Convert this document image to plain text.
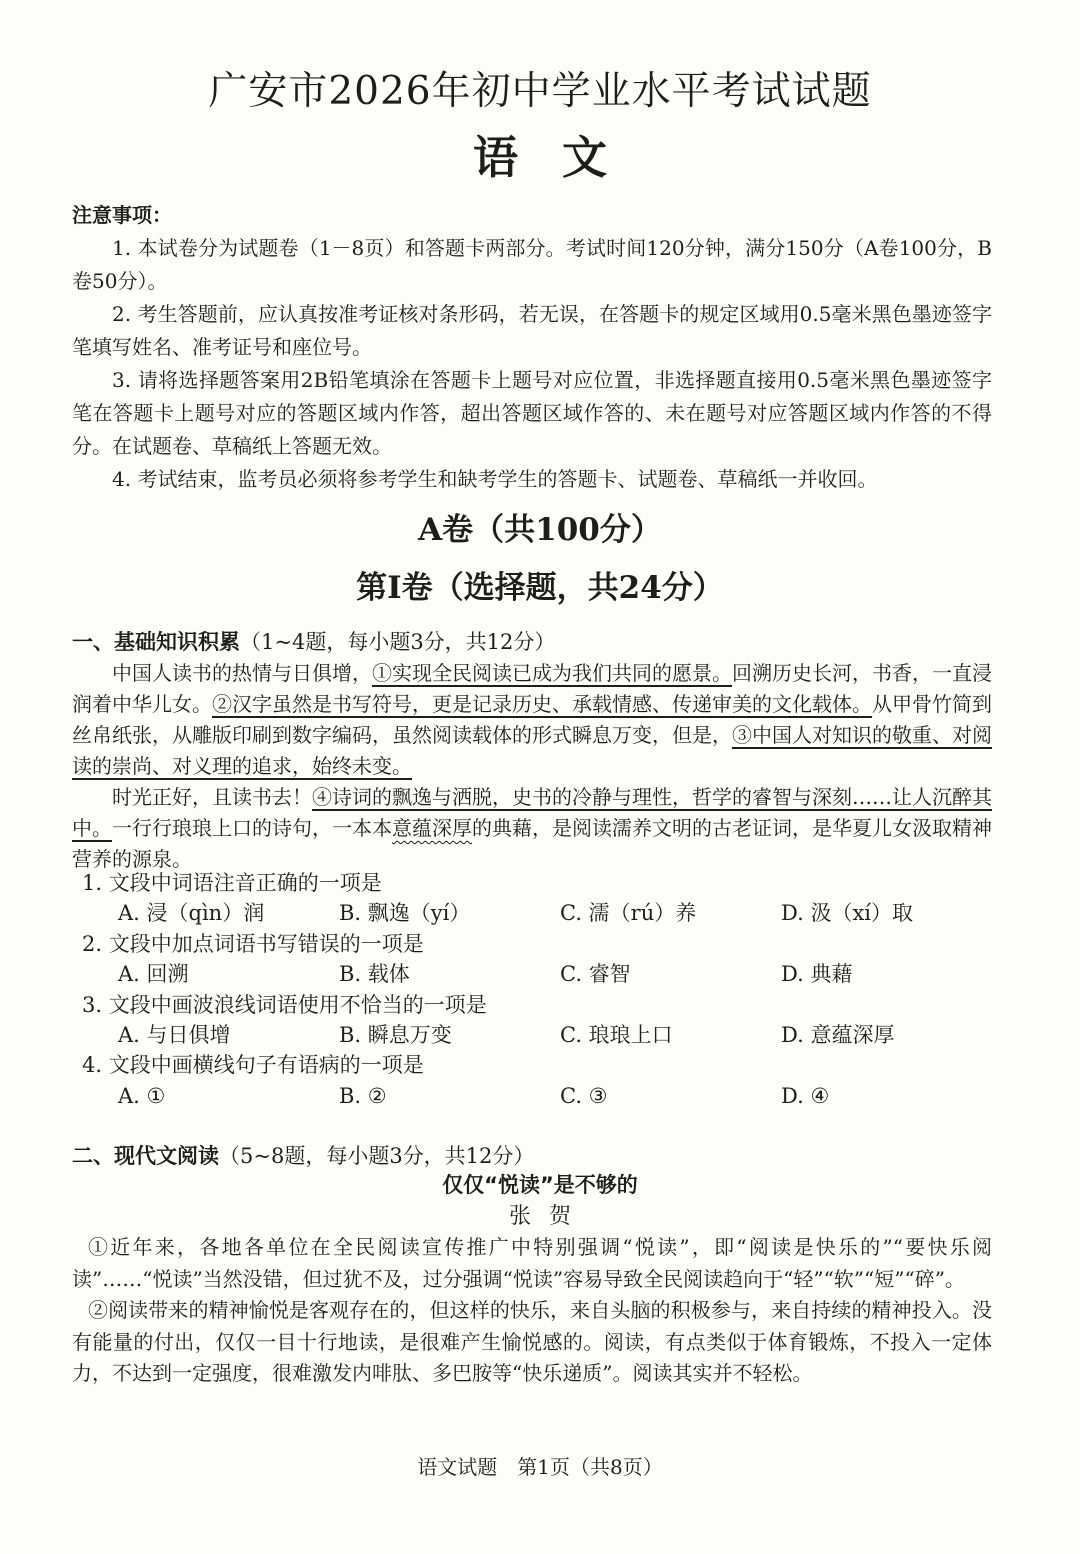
广安市2026年初中学业水平考试试题
语文
注意事项：

1. 本试卷分为试题卷（1－8页）和答题卡两部分。考试时间120分钟，满分150分（A卷100分，B卷50分）。

2. 考生答题前，应认真按准考证核对条形码，若无误，在答题卡的规定区域用0.5毫米黑色墨迹签字笔填写姓名、准考证号和座位号。

3. 请将选择题答案用2B铅笔填涂在答题卡上题号对应位置，非选择题直接用0.5毫米黑色墨迹签字笔在答题卡上题号对应的答题区域内作答，超出答题区域作答的、未在题号对应答题区域内作答的不得分。在试题卷、草稿纸上答题无效。

4. 考试结束，监考员必须将参考学生和缺考学生的答题卡、试题卷、草稿纸一并收回。

A卷（共100分）
第Ⅰ卷（选择题，共24分）
一、基础知识积累（1~4题，每小题3分，共12分）

中国人读书的热情与日俱增，①实现全民阅读已成为我们共同的愿景。回溯历史长河，书香，一直浸润着中华儿女。②汉字虽然是书写符号，更是记录历史、承载情感、传递审美的文化载体。从甲骨竹简到丝帛纸张，从雕版印刷到数字编码，虽然阅读载体的形式瞬息万变，但是，③中国人对知识的敬重、对阅读的崇尚、对义理的追求，始终未变。

时光正好，且读书去！④诗词的飘逸与洒脱，史书的冷静与理性，哲学的睿智与深刻……让人沉醉其中。一行行琅琅上口的诗句，一本本意蕴深厚的典藉，是阅读濡养文明的古老证词，是华夏儿女汲取精神营养的源泉。

1. 文段中词语注音正确的一项是

A. 浸（qìn）润	B. 飘逸（yí）	C. 濡（rú）养	D. 汲（xí）取

2. 文段中加点词语书写错误的一项是

A. 回溯	B. 载体	C. 睿智	D. 典藉

3. 文段中画波浪线词语使用不恰当的一项是

A. 与日俱增	B. 瞬息万变	C. 琅琅上口	D. 意蕴深厚

4. 文段中画横线句子有语病的一项是

A. ①	B. ②	C. ③	D. ④
二、现代文阅读（5~8题，每小题3分，共12分）
仅仅“悦读”是不够的
张贺

①近年来，各地各单位在全民阅读宣传推广中特别强调“悦读”，即“阅读是快乐的”“要快乐阅读”……“悦读”当然没错，但过犹不及，过分强调“悦读”容易导致全民阅读趋向于“轻”“软”“短”“碎”。

②阅读带来的精神愉悦是客观存在的，但这样的快乐，来自头脑的积极参与，来自持续的精神投入。没有能量的付出，仅仅一目十行地读，是很难产生愉悦感的。阅读，有点类似于体育锻炼，不投入一定体力，不达到一定强度，很难激发内啡肽、多巴胺等“快乐递质”。阅读其实并不轻松。

语文试题　第1页（共8页）
